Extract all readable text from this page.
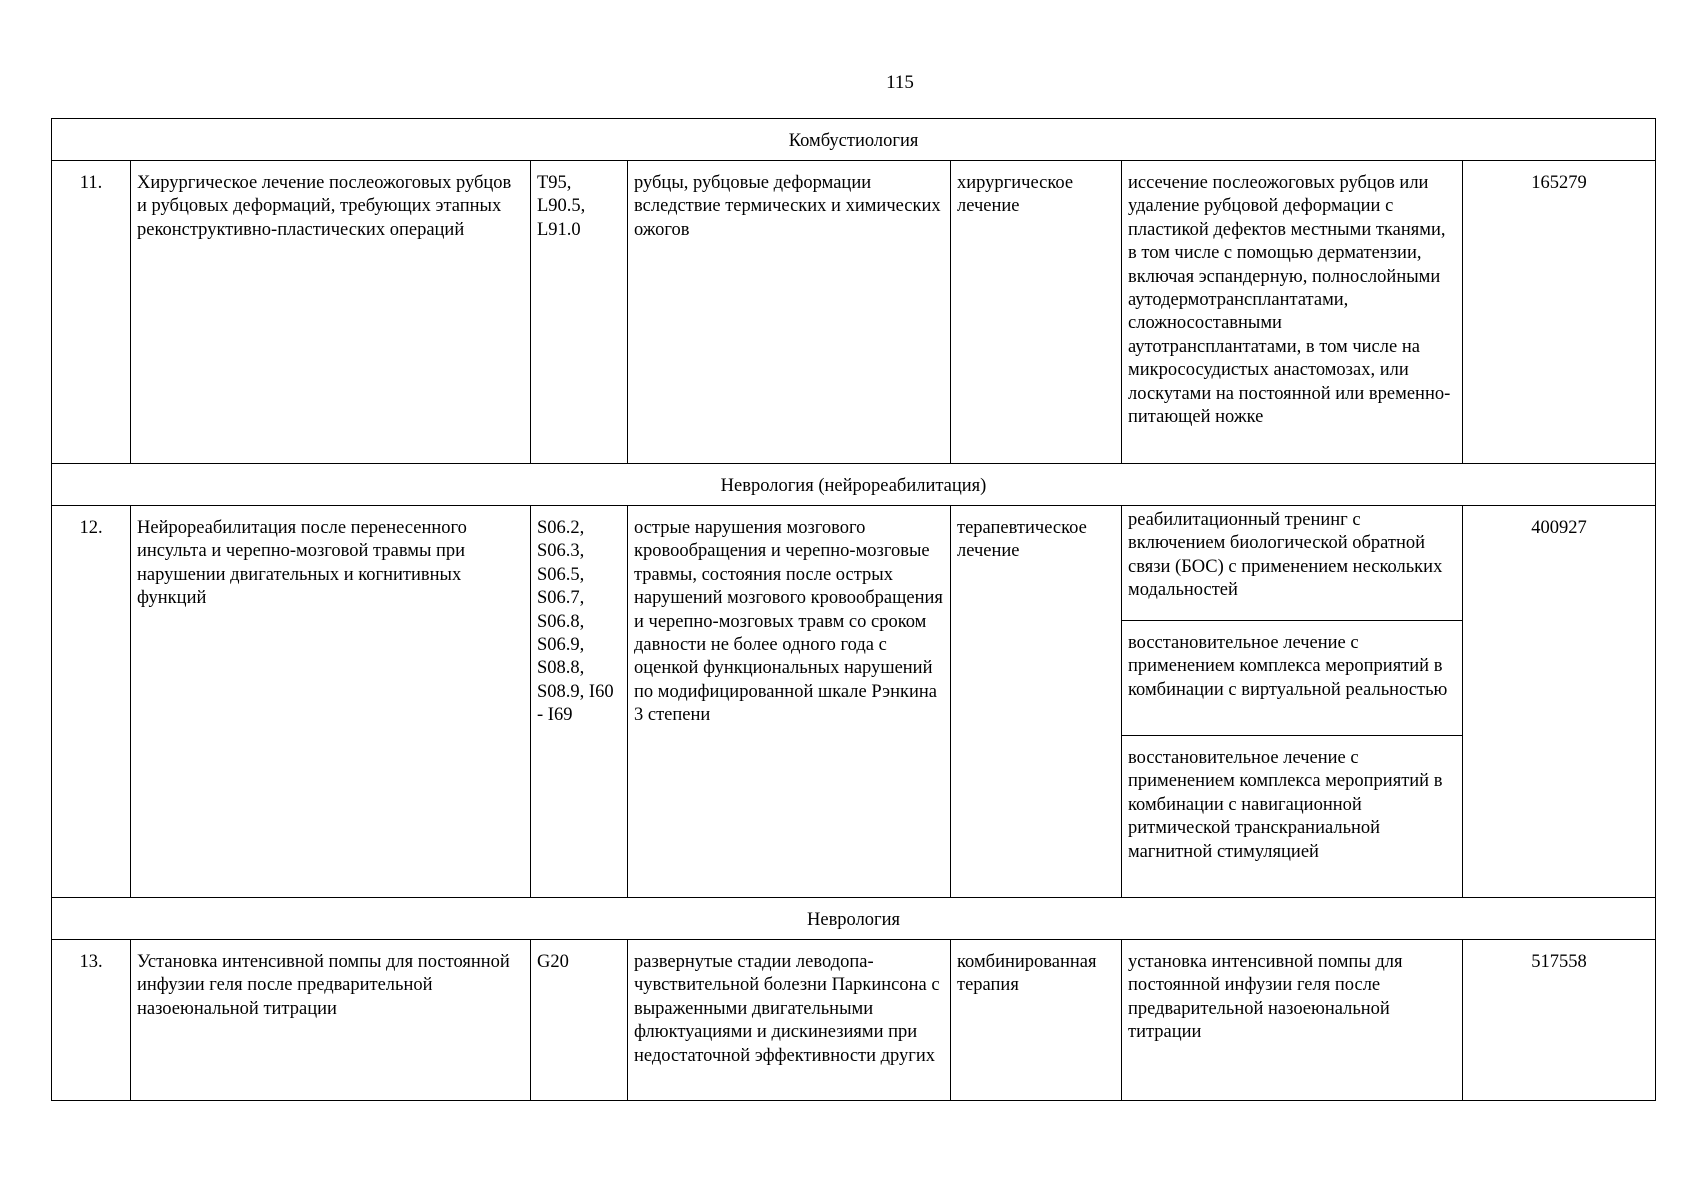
115
Комбустиология						
11.	Хирургическое лечение послеожоговых рубцов и рубцовых деформаций, требующих этапных реконструктивно-пластических операций	T95, L90.5, L91.0	рубцы, рубцовые деформации вследствие термических и химических ожогов	хирургическое лечение	иссечение послеожоговых рубцов или удаление рубцовой деформации с пластикой дефектов местными тканями, в том числе с помощью дерматензии, включая эспандерную, полнослойными аутодермотрансплантатами, сложносоставными аутотрансплантатами, в том числе на микрососудистых анастомозах, или лоскутами на постоянной или временно-питающей ножке	165279
Неврология (нейрореабилитация)						
12.	Нейрореабилитация после перенесенного инсульта и черепно-мозговой травмы при нарушении двигательных и когнитивных функций	S06.2, S06.3, S06.5, S06.7, S06.8, S06.9, S08.8, S08.9, I60 - I69	острые нарушения мозгового кровообращения и черепно-мозговые травмы, состояния после острых нарушений мозгового кровообращения и черепно-мозговых травм со сроком давности не более одного года с оценкой функциональных нарушений по модифицированной шкале Рэнкина 3 степени	терапевтическое лечение	реабилитационный тренинг с включением биологической обратной связи (БОС) с применением нескольких модальностей	400927
					восстановительное лечение с применением комплекса мероприятий в комбинации с виртуальной реальностью	
					восстановительное лечение с применением комплекса мероприятий в комбинации с навигационной ритмической транскраниальной магнитной стимуляцией	
Неврология						
13.	Установка интенсивной помпы для постоянной инфузии геля после предварительной назоеюнальной титрации	G20	развернутые стадии леводопа-чувствительной болезни Паркинсона с выраженными двигательными флюктуациями и дискинезиями при недостаточной эффективности других	комбинированная терапия	установка интенсивной помпы для постоянной инфузии геля после предварительной назоеюнальной титрации	517558
